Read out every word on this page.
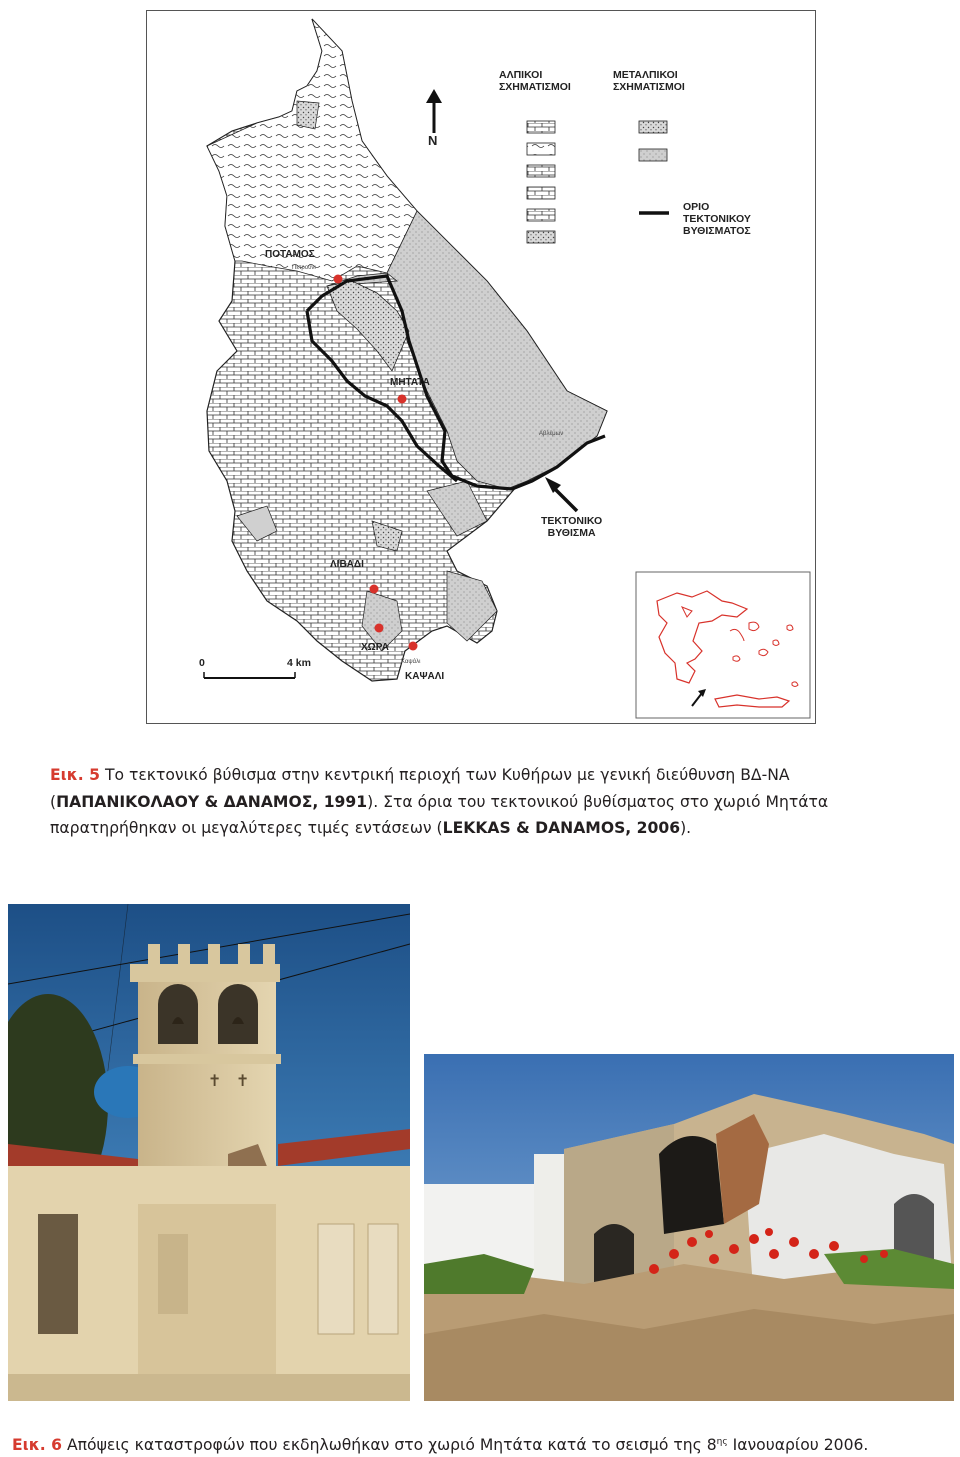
ΑΛΠΙΚΟΙ
ΣΧΗΜΑΤΙΣΜΟΙ
ΜΕΤΑΛΠΙΚΟΙ
ΣΧΗΜΑΤΙΣΜΟΙ
ΟΡΙΟ
ΤΕΚΤΟΝΙΚΟΥ
ΒΥΘΙΣΜΑΤΟΣ
N
ΤΕΚΤΟΝΙΚΟ
ΒΥΘΙΣΜΑ
0	4 km
ΠΟΤΑΜΟΣ
ΜΗΤΑΤΑ
ΛΙΒΑΔΙ
ΧΩΡΑ
ΚΑΨΑΛΙ
Πετρούνι
Αβλέμων
Καψάλι
Εικ. 5 Το τεκτονικό βύθισμα στην κεντρική περιοχή των Κυθήρων με γενική διεύθυνση ΒΔ-ΝΑ (ΠΑΠΑΝΙΚΟΛΑΟΥ & ΔΑΝΑΜΟΣ, 1991). Στα όρια του τεκτονικού βυθίσματος στο χωριό Μητάτα παρατηρήθηκαν οι μεγαλύτερες τιμές εντάσεων (LEKKAS & DANAMOS, 2006).
✝ ✝
Εικ. 6 Απόψεις καταστροφών που εκδηλωθήκαν στο χωριό Μητάτα κατά το σεισμό της $8^{\eta\varsigma}$ Ιανουαρίου 2006.
